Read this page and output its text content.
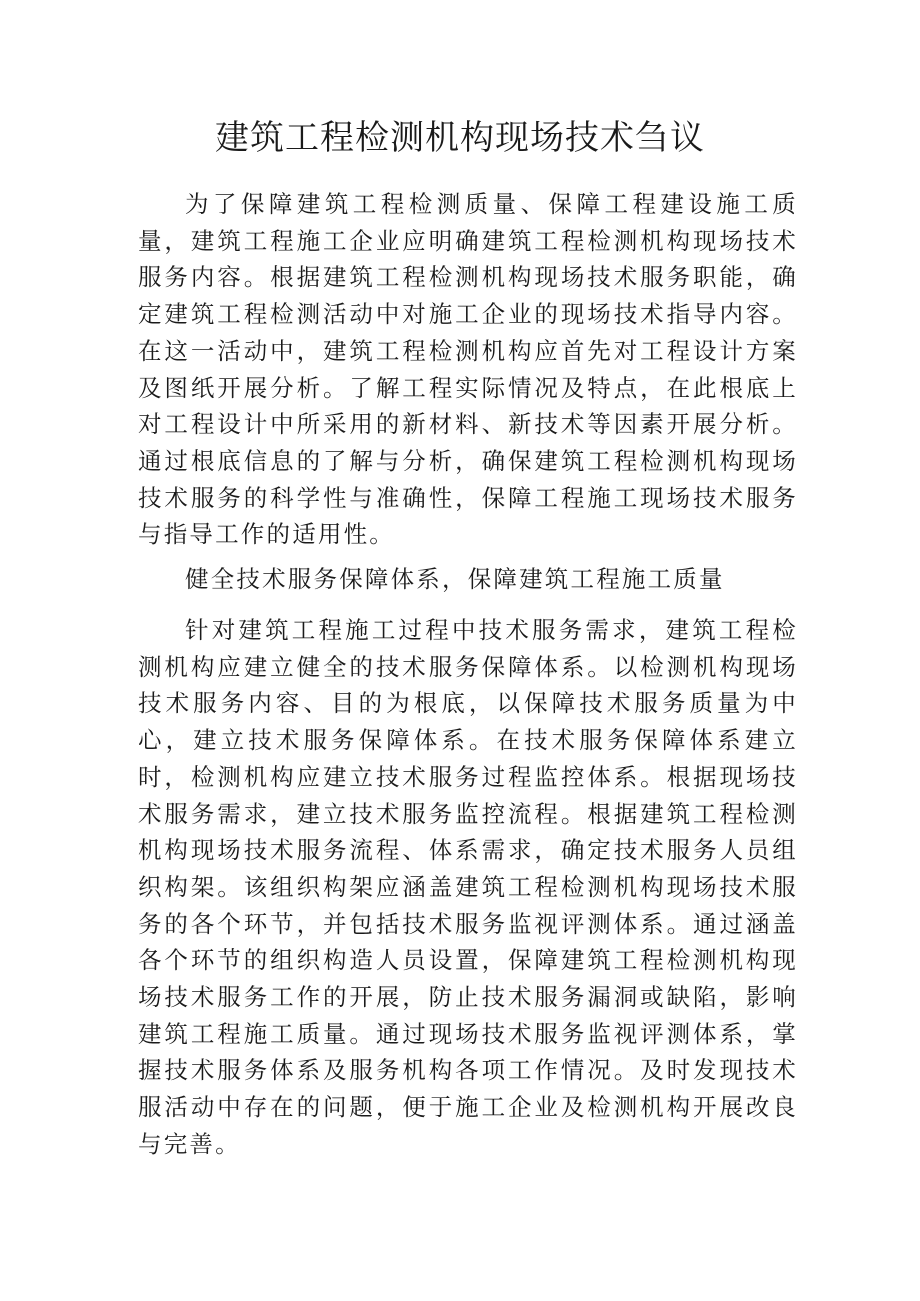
建筑工程检测机构现场技术刍议

为了保障建筑工程检测质量、保障工程建设施工质量，建筑工程施工企业应明确建筑工程检测机构现场技术服务内容。根据建筑工程检测机构现场技术服务职能，确定建筑工程检测活动中对施工企业的现场技术指导内容。在这一活动中，建筑工程检测机构应首先对工程设计方案及图纸开展分析。了解工程实际情况及特点，在此根底上对工程设计中所采用的新材料、新技术等因素开展分析。通过根底信息的了解与分析，确保建筑工程检测机构现场技术服务的科学性与准确性，保障工程施工现场技术服务与指导工作的适用性。

健全技术服务保障体系，保障建筑工程施工质量

针对建筑工程施工过程中技术服务需求，建筑工程检测机构应建立健全的技术服务保障体系。以检测机构现场技术服务内容、目的为根底，以保障技术服务质量为中心，建立技术服务保障体系。在技术服务保障体系建立时，检测机构应建立技术服务过程监控体系。根据现场技术服务需求，建立技术服务监控流程。根据建筑工程检测机构现场技术服务流程、体系需求，确定技术服务人员组织构架。该组织构架应涵盖建筑工程检测机构现场技术服务的各个环节，并包括技术服务监视评测体系。通过涵盖各个环节的组织构造人员设置，保障建筑工程检测机构现场技术服务工作的开展，防止技术服务漏洞或缺陷，影响建筑工程施工质量。通过现场技术服务监视评测体系，掌握技术服务体系及服务机构各项工作情况。及时发现技术服活动中存在的问题，便于施工企业及检测机构开展改良与完善。
